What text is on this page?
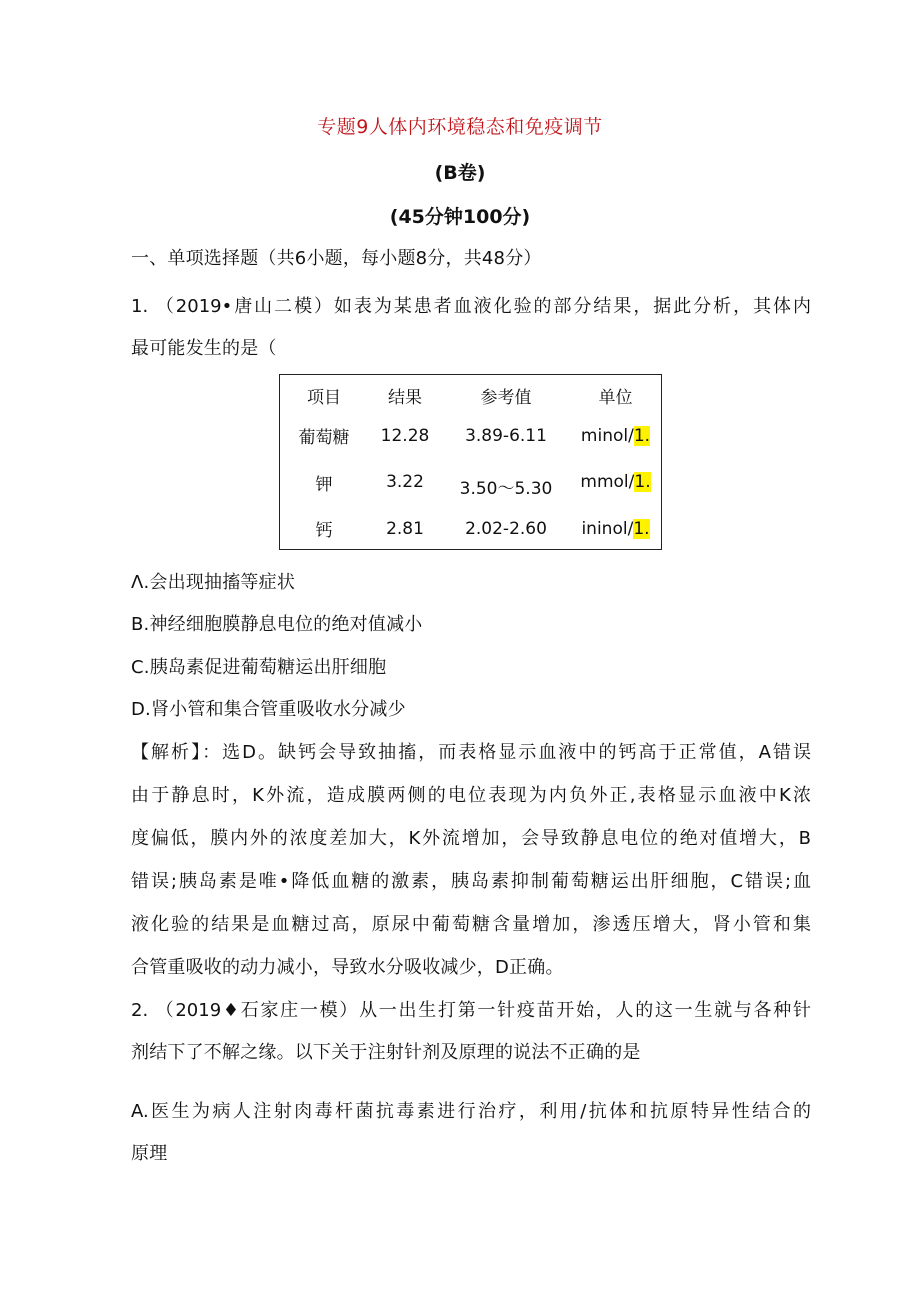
专题9人体内环境稳态和免疫调节
(B卷)
(45分钟100分)
一、单项选择题（共6小题，每小题8分，共48分）
1. （2019•唐山二模）如表为某患者血液化验的部分结果，据此分析，其体内
最可能发生的是（
项目	结果	参考值	单位
葡萄糖	12.28	3.89-6.11	minol/1.
钾	3.22	3.50～5.30	mmol/1.
钙	2.81	2.02-2.60	ininol/1.
Λ.会出现抽搐等症状
B.神经细胞膜静息电位的绝对值减小
C.胰岛素促进葡萄糖运出肝细胞
D.肾小管和集合管重吸收水分减少
【解析】：选D。缺钙会导致抽搐，而表格显示血液中的钙高于正常值，A错误
由于静息时，K外流，造成膜两侧的电位表现为内负外正,表格显示血液中K浓
度偏低，膜内外的浓度差加大，K外流增加，会导致静息电位的绝对值增大，B
错误;胰岛素是唯•降低血糖的激素，胰岛素抑制葡萄糖运出肝细胞，C错误;血
液化验的结果是血糖过高，原尿中葡萄糖含量增加，渗透压增大，肾小管和集
合管重吸收的动力减小，导致水分吸收减少，D正确。
2. （2019♦石家庄一模）从一出生打第一针疫苗开始，人的这一生就与各种针
剂结下了不解之缘。以下关于注射针剂及原理的说法不正确的是
A.医生为病人注射肉毒杆菌抗毒素进行治疗，利用/抗体和抗原特异性结合的
原理
